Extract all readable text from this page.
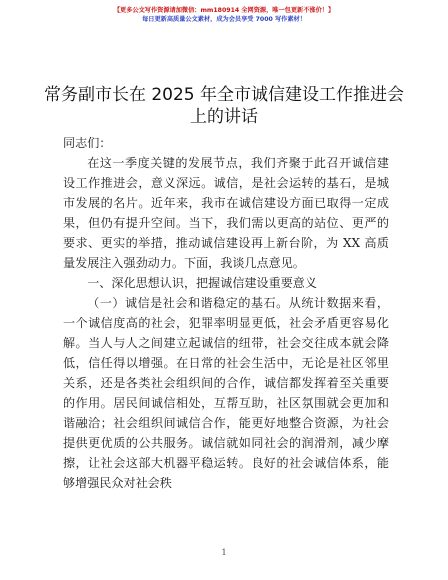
【更多公文写作资源请加微信：mm180914 全网资源，唯一包更新不涨价！】
每日更新高质量公文素材，成为会员享受 7000 写作素材！
常务副市长在 2025 年全市诚信建设工作推进会上的讲话
同志们：

在这一季度关键的发展节点，我们齐聚于此召开诚信建设工作推进会，意义深远。诚信，是社会运转的基石，是城市发展的名片。近年来，我市在诚信建设方面已取得一定成果，但仍有提升空间。当下，我们需以更高的站位、更严的要求、更实的举措，推动诚信建设再上新台阶，为 XX 高质量发展注入强劲动力。下面，我谈几点意见。

一、深化思想认识，把握诚信建设重要意义

（一）诚信是社会和谐稳定的基石。从统计数据来看，一个诚信度高的社会，犯罪率明显更低，社会矛盾更容易化解。当人与人之间建立起诚信的纽带，社会交往成本就会降低，信任得以增强。在日常的社会生活中，无论是社区邻里关系，还是各类社会组织间的合作，诚信都发挥着至关重要的作用。居民间诚信相处，互帮互助，社区氛围就会更加和谐融洽；社会组织间诚信合作，能更好地整合资源，为社会提供更优质的公共服务。诚信就如同社会的润滑剂，减少摩擦，让社会这部大机器平稳运转。良好的社会诚信体系，能够增强民众对社会秩

1
